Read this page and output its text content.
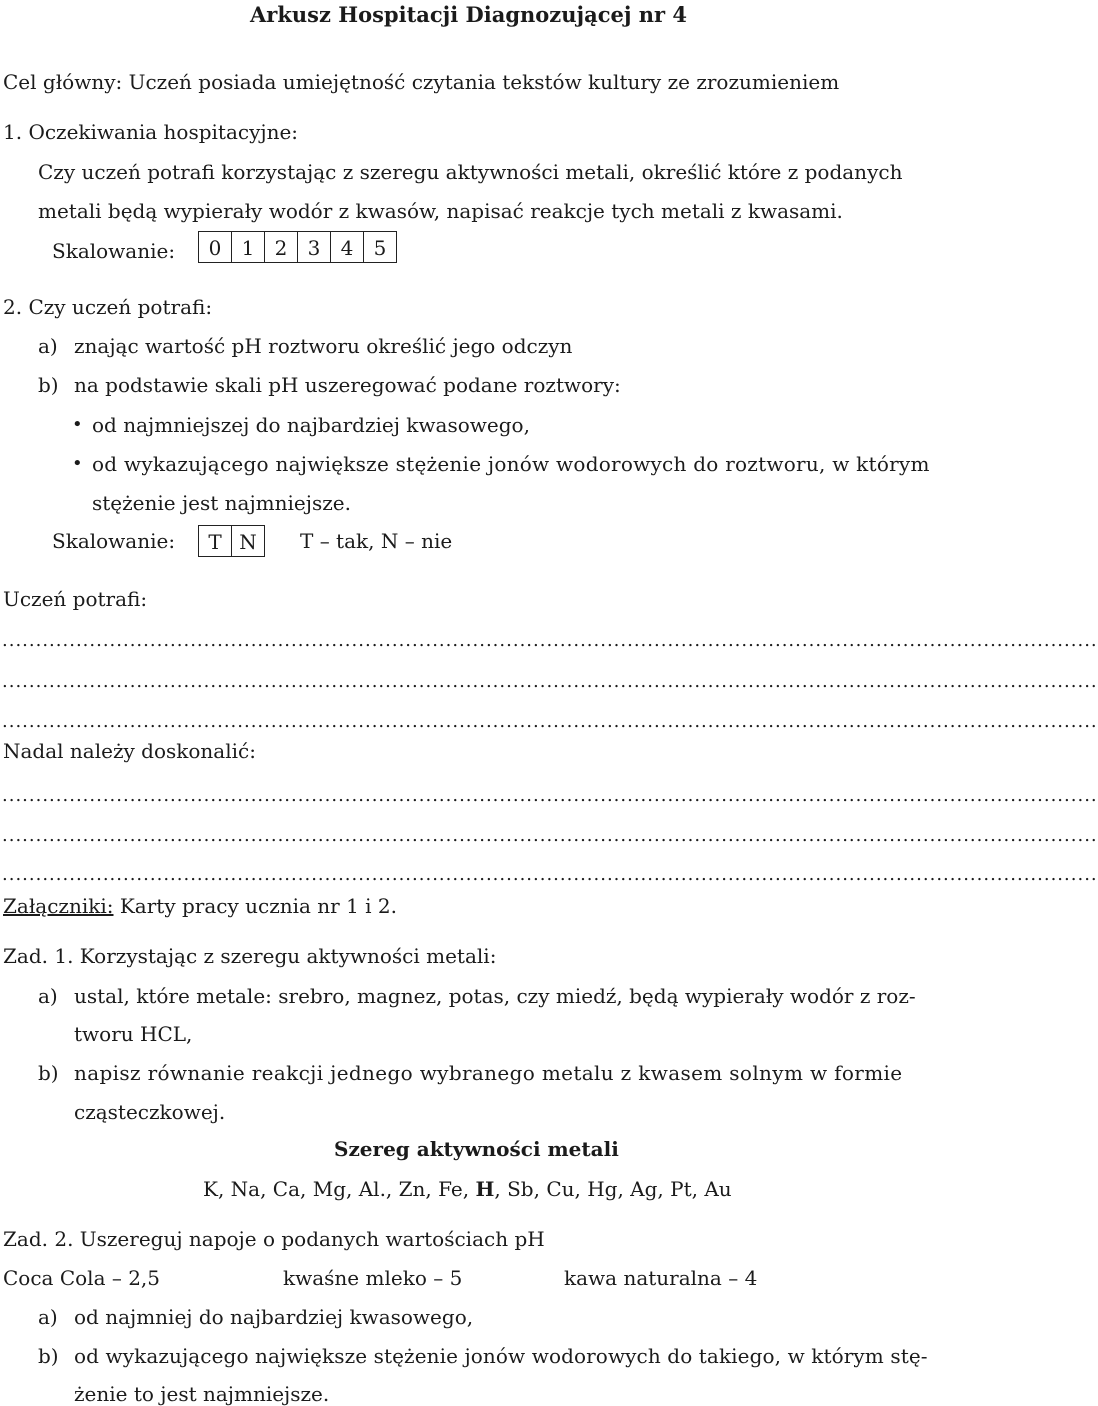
Arkusz Hospitacji Diagnozującej nr 4
Cel główny: Uczeń posiada umiejętność czytania tekstów kultury ze zrozumieniem
1. Oczekiwania hospitacyjne:
Czy uczeń potrafi korzystając z szeregu aktywności metali, określić które z podanych
metali będą wypierały wodór z kwasów, napisać reakcje tych metali z kwasami.
Skalowanie:	0	1	2	3	4	5
2. Czy uczeń potrafi:
a) znając wartość pH roztworu określić jego odczyn
b) na podstawie skali pH uszeregować podane roztwory:
• od najmniejszej do najbardziej kwasowego,
• od wykazującego największe stężenie jonów wodorowych do roztworu, w którym
stężenie jest najmniejsze.
Skalowanie:	T N	T – tak, N – nie
Uczeń potrafi:
...................................................................................................................................................................
...................................................................................................................................................................
...................................................................................................................................................................
Nadal należy doskonalić:
...................................................................................................................................................................
...................................................................................................................................................................
...................................................................................................................................................................
Załączniki: Karty pracy ucznia nr 1 i 2.
Zad. 1. Korzystając z szeregu aktywności metali:
a) ustal, które metale: srebro, magnez, potas, czy miedź, będą wypierały wodór z roz-
tworu HCL,
b) napisz równanie reakcji jednego wybranego metalu z kwasem solnym w formie
cząsteczkowej.
Szereg aktywności metali
K, Na, Ca, Mg, Al., Zn, Fe, H, Sb, Cu, Hg, Ag, Pt, Au
Zad. 2. Uszereguj napoje o podanych wartościach pH
Coca Cola – 2,5	kwaśne mleko – 5	kawa naturalna – 4
a) od najmniej do najbardziej kwasowego,
b) od wykazującego największe stężenie jonów wodorowych do takiego, w którym stę-
żenie to jest najmniejsze.
